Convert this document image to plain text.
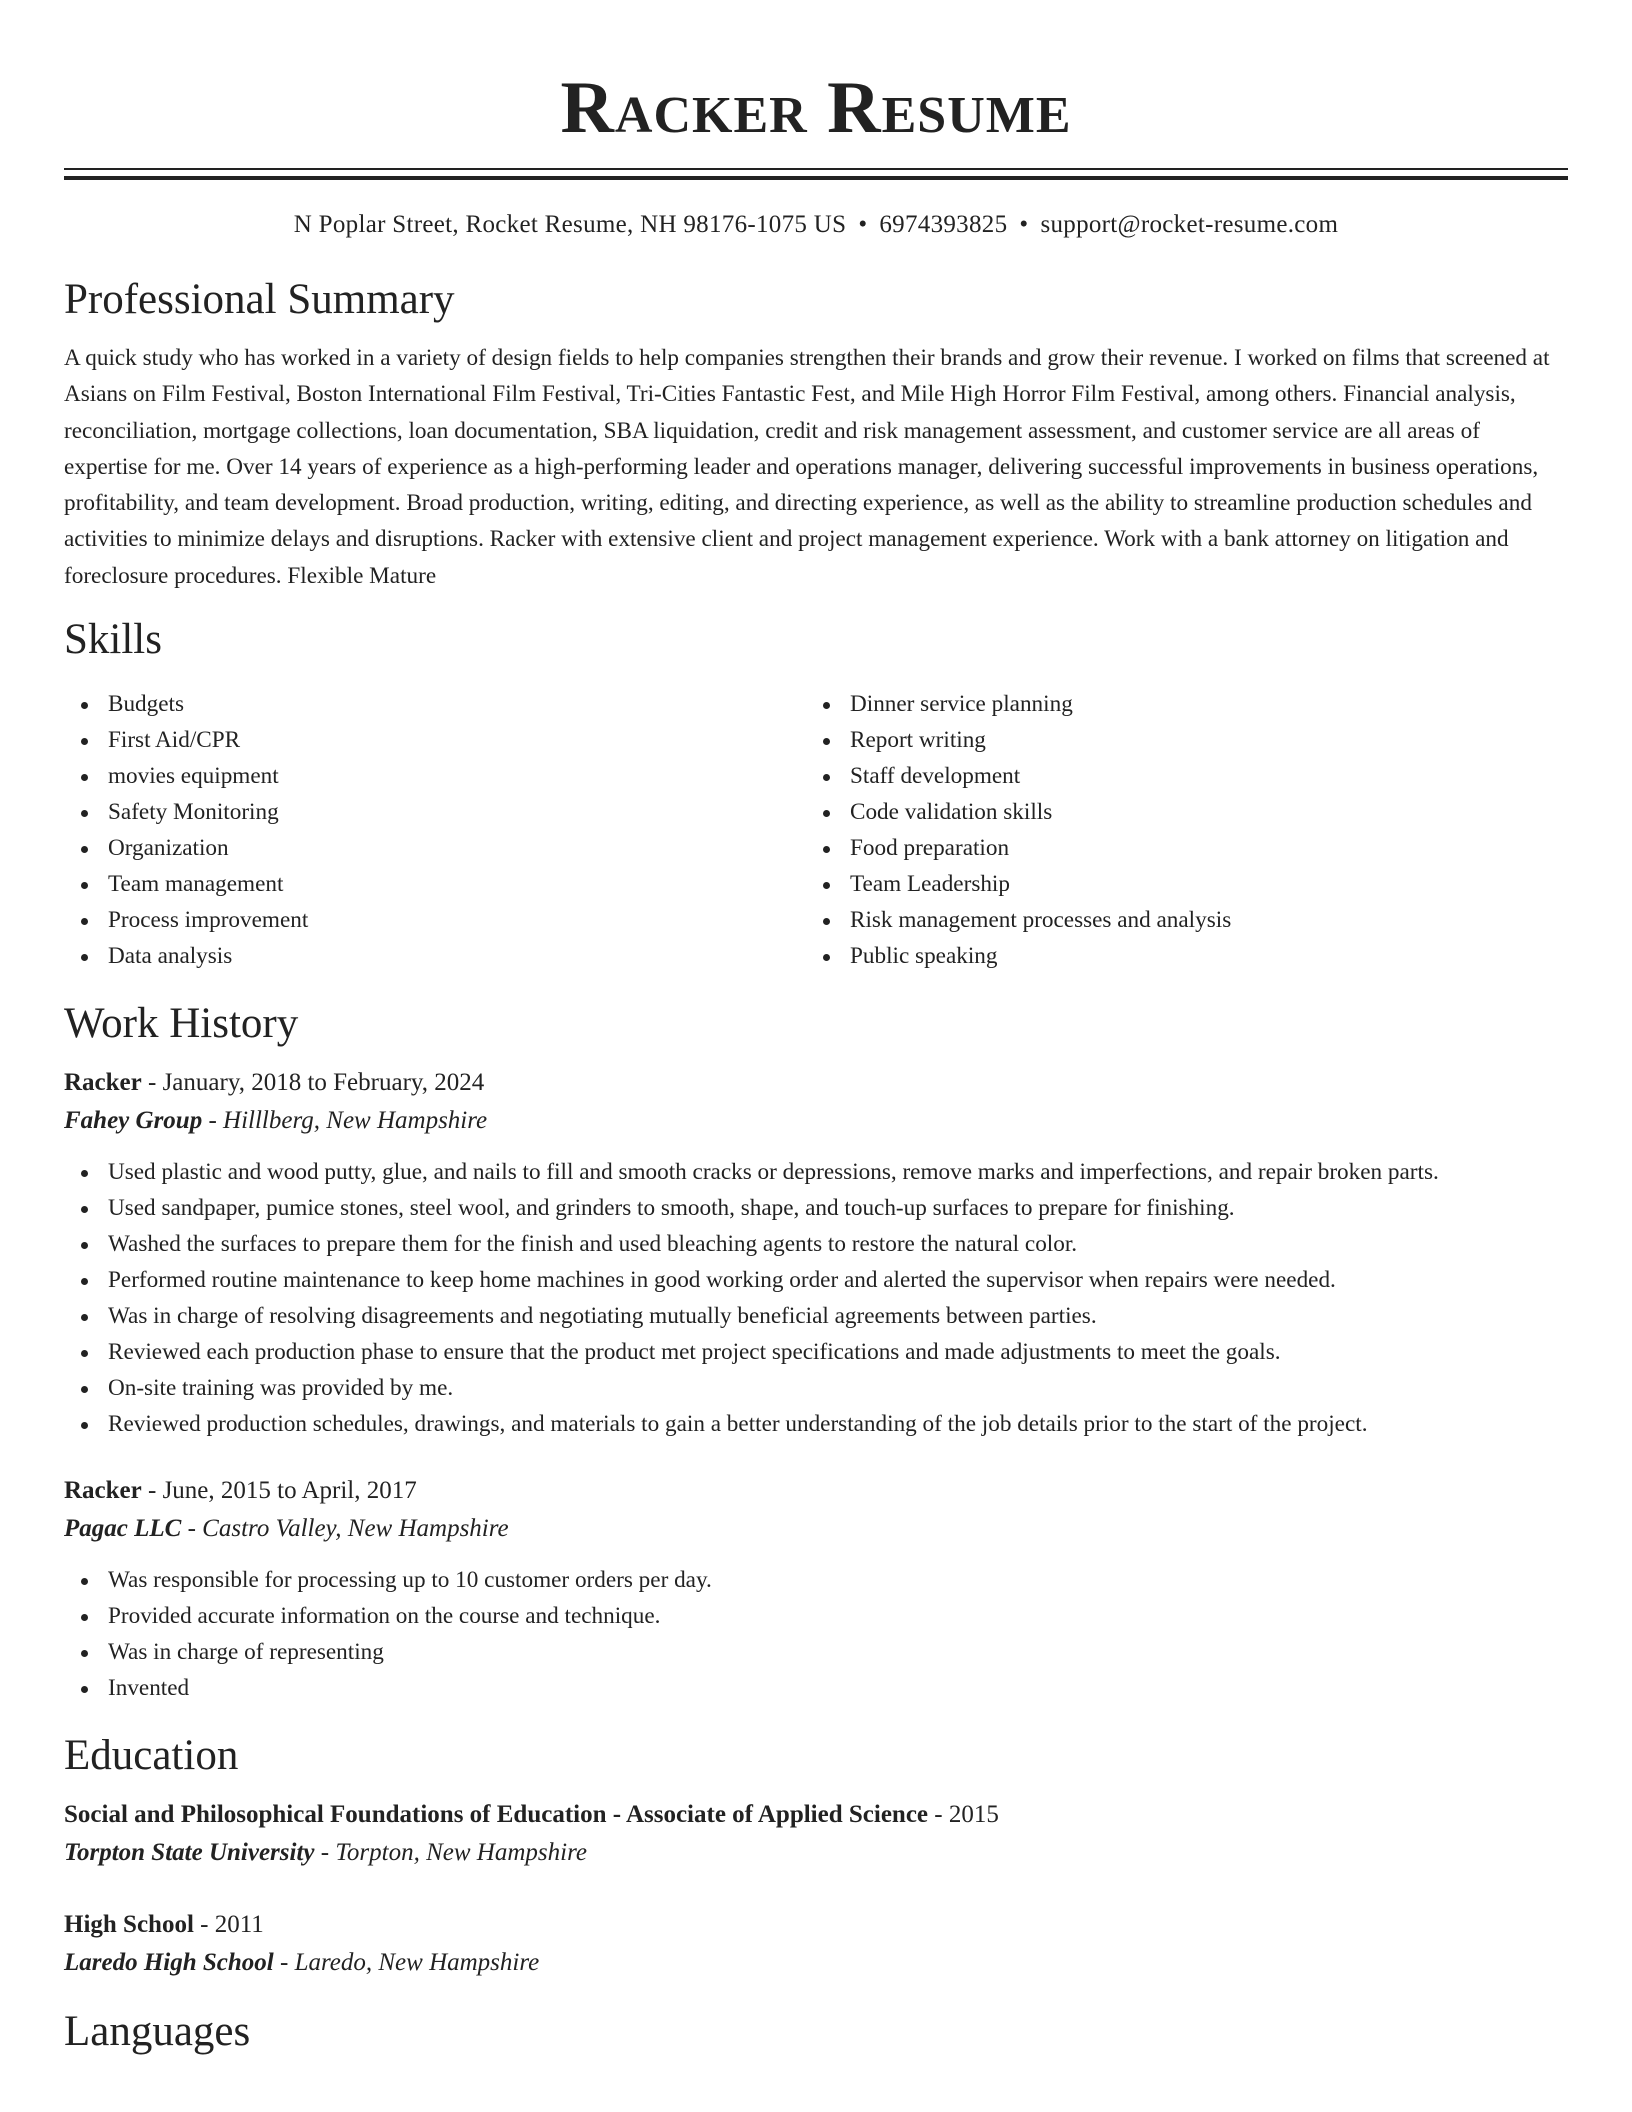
Racker Resume
N Poplar Street, Rocket Resume, NH 98176-1075 US • 6974393825 • support@rocket-resume.com
Professional Summary

A quick study who has worked in a variety of design fields to help companies strengthen their brands and grow their revenue. I worked on films that screened at Asians on Film Festival, Boston International Film Festival, Tri-Cities Fantastic Fest, and Mile High Horror Film Festival, among others. Financial analysis, reconciliation, mortgage collections, loan documentation, SBA liquidation, credit and risk management assessment, and customer service are all areas of expertise for me. Over 14 years of experience as a high-performing leader and operations manager, delivering successful improvements in business operations, profitability, and team development. Broad production, writing, editing, and directing experience, as well as the ability to streamline production schedules and activities to minimize delays and disruptions. Racker with extensive client and project management experience. Work with a bank attorney on litigation and foreclosure procedures. Flexible Mature

Skills
Budgets
First Aid/CPR
movies equipment
Safety Monitoring
Organization
Team management
Process improvement
Data analysis
Dinner service planning
Report writing
Staff development
Code validation skills
Food preparation
Team Leadership
Risk management processes and analysis
Public speaking
Work History
Racker - January, 2018 to February, 2024
Fahey Group - Hilllberg, New Hampshire
Used plastic and wood putty, glue, and nails to fill and smooth cracks or depressions, remove marks and imperfections, and repair broken parts.
Used sandpaper, pumice stones, steel wool, and grinders to smooth, shape, and touch-up surfaces to prepare for finishing.
Washed the surfaces to prepare them for the finish and used bleaching agents to restore the natural color.
Performed routine maintenance to keep home machines in good working order and alerted the supervisor when repairs were needed.
Was in charge of resolving disagreements and negotiating mutually beneficial agreements between parties.
Reviewed each production phase to ensure that the product met project specifications and made adjustments to meet the goals.
On-site training was provided by me.
Reviewed production schedules, drawings, and materials to gain a better understanding of the job details prior to the start of the project.
Racker - June, 2015 to April, 2017
Pagac LLC - Castro Valley, New Hampshire
Was responsible for processing up to 10 customer orders per day.
Provided accurate information on the course and technique.
Was in charge of representing
Invented
Education
Social and Philosophical Foundations of Education - Associate of Applied Science - 2015
Torpton State University - Torpton, New Hampshire
High School - 2011
Laredo High School - Laredo, New Hampshire
Languages
